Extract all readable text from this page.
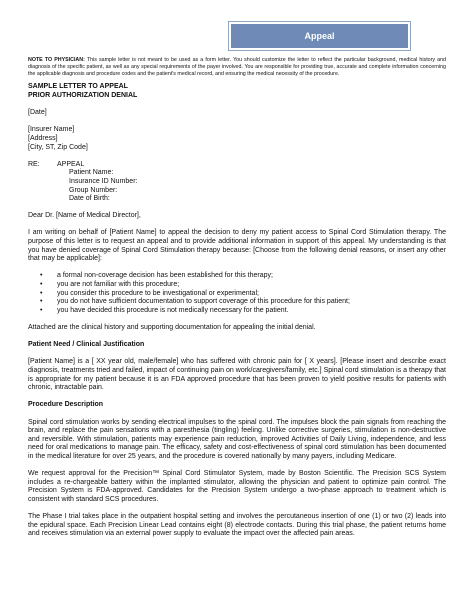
Appeal

NOTE TO PHYSICIAN: This sample letter is not meant to be used as a form letter. You should customize the letter to reflect the particular background, medical history and diagnosis of the specific patient, as well as any special requirements of the payer involved. You are responsible for providing true, accurate and complete information concerning the applicable diagnosis and procedure codes and the patient's medical record, and ensuring the medical necessity of the procedure.

SAMPLE LETTER TO APPEAL
PRIOR AUTHORIZATION DENIAL
[Date]
[Insurer Name]
[Address]
[City, ST, Zip Code]
RE:	APPEAL
Patient Name:
Insurance ID Number:
Group Number:
Date of Birth:

Dear Dr. [Name of Medical Director],

I am writing on behalf of [Patient Name] to appeal the decision to deny my patient access to Spinal Cord Stimulation therapy. The purpose of this letter is to request an appeal and to provide additional information in support of this appeal. My understanding is that you have denied coverage of Spinal Cord Stimulation therapy because: [Choose from the following denial reasons, or insert any other that may be applicable]:

• a formal non-coverage decision has been established for this therapy;
• you are not familiar with this procedure;
• you consider this procedure to be investigational or experimental;
• you do not have sufficient documentation to support coverage of this procedure for this patient;
• you have decided this procedure is not medically necessary for the patient.

Attached are the clinical history and supporting documentation for appealing the initial denial.

Patient Need / Clinical Justification

[Patient Name] is a [ XX year old, male/female] who has suffered with chronic pain for [ X years]. [Please insert and describe exact diagnosis, treatments tried and failed, impact of continuing pain on work/caregivers/family, etc.] Spinal cord stimulation is a therapy that is appropriate for my patient because it is an FDA approved procedure that has been proven to yield positive results for patients with chronic, intractable pain.

Procedure Description

Spinal cord stimulation works by sending electrical impulses to the spinal cord. The impulses block the pain signals from reaching the brain, and replace the pain sensations with a paresthesia (tingling) feeling. Unlike corrective surgeries, stimulation is non-destructive and reversible. With stimulation, patients may experience pain reduction, improved Activities of Daily Living, independence, and less need for oral medications to manage pain. The efficacy, safety and cost-effectiveness of spinal cord stimulation has been documented in the medical literature for over 25 years, and the procedure is covered nationally by many payers, including Medicare.

We request approval for the Precision™ Spinal Cord Stimulator System, made by Boston Scientific. The Precision SCS System includes a re-chargeable battery within the implanted stimulator, allowing the physician and patient to optimize pain control. The Precision System is FDA-approved. Candidates for the Precision System undergo a two-phase approach to treatment which is consistent with standard SCS procedures.

The Phase I trial takes place in the outpatient hospital setting and involves the percutaneous insertion of one (1) or two (2) leads into the epidural space. Each Precision Linear Lead contains eight (8) electrode contacts. During this trial phase, the patient returns home and receives stimulation via an external power supply to evaluate the impact over the affected pain areas.
